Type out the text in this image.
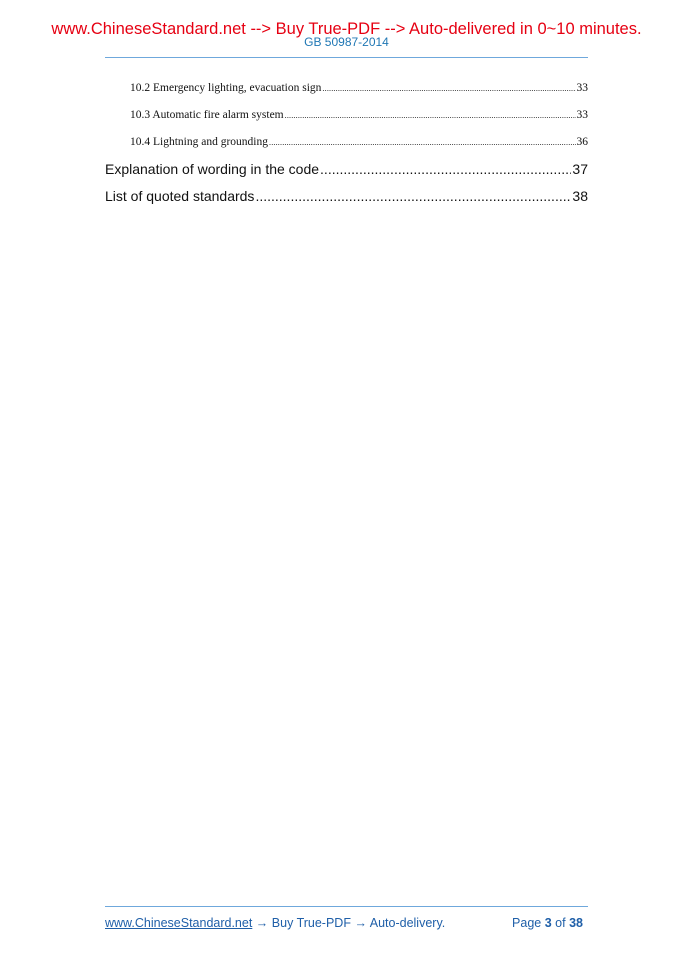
www.ChineseStandard.net --> Buy True-PDF --> Auto-delivered in 0~10 minutes.
GB 50987-2014
10.2 Emergency lighting, evacuation sign .....	33
10.3 Automatic fire alarm system .....	33
10.4 Lightning and grounding .....	36
Explanation of wording in the code .....	37
List of quoted standards .....	38
www.ChineseStandard.net → Buy True-PDF → Auto-delivery.	Page 3 of 38
